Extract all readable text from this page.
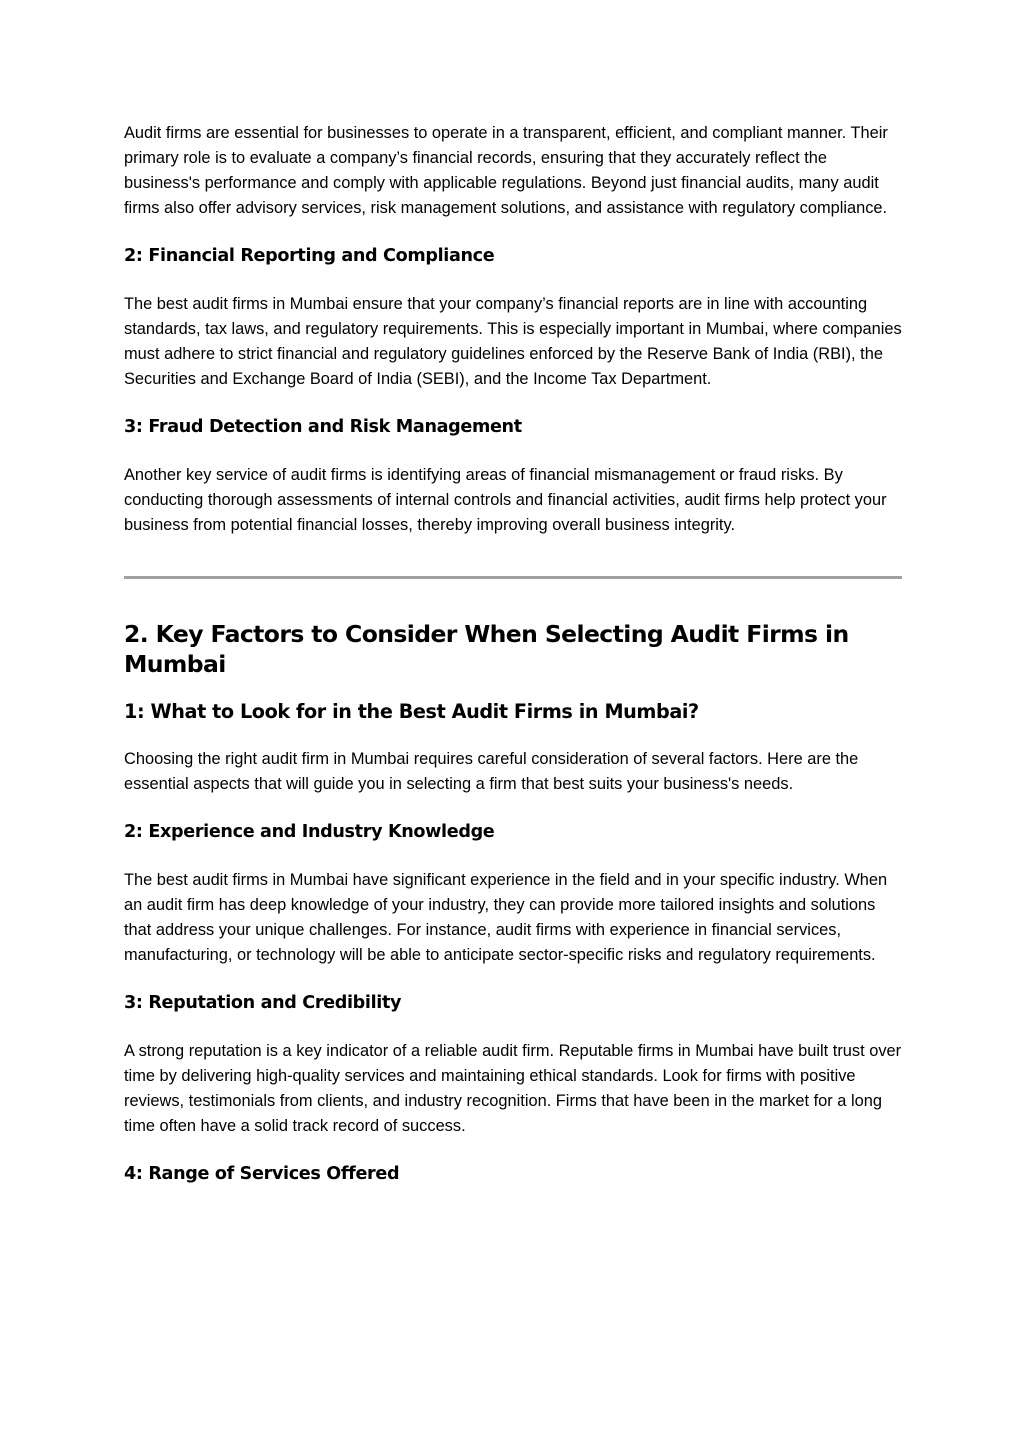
Audit firms are essential for businesses to operate in a transparent, efficient, and compliant manner. Their primary role is to evaluate a company’s financial records, ensuring that they accurately reflect the business's performance and comply with applicable regulations. Beyond just financial audits, many audit firms also offer advisory services, risk management solutions, and assistance with regulatory compliance.

2: Financial Reporting and Compliance

The best audit firms in Mumbai ensure that your company’s financial reports are in line with accounting standards, tax laws, and regulatory requirements. This is especially important in Mumbai, where companies must adhere to strict financial and regulatory guidelines enforced by the Reserve Bank of India (RBI), the Securities and Exchange Board of India (SEBI), and the Income Tax Department.

3: Fraud Detection and Risk Management

Another key service of audit firms is identifying areas of financial mismanagement or fraud risks. By conducting thorough assessments of internal controls and financial activities, audit firms help protect your business from potential financial losses, thereby improving overall business integrity.

2. Key Factors to Consider When Selecting Audit Firms in Mumbai
1: What to Look for in the Best Audit Firms in Mumbai?

Choosing the right audit firm in Mumbai requires careful consideration of several factors. Here are the essential aspects that will guide you in selecting a firm that best suits your business's needs.

2: Experience and Industry Knowledge

The best audit firms in Mumbai have significant experience in the field and in your specific industry. When an audit firm has deep knowledge of your industry, they can provide more tailored insights and solutions that address your unique challenges. For instance, audit firms with experience in financial services, manufacturing, or technology will be able to anticipate sector-specific risks and regulatory requirements.

3: Reputation and Credibility

A strong reputation is a key indicator of a reliable audit firm. Reputable firms in Mumbai have built trust over time by delivering high-quality services and maintaining ethical standards. Look for firms with positive reviews, testimonials from clients, and industry recognition. Firms that have been in the market for a long time often have a solid track record of success.

4: Range of Services Offered
